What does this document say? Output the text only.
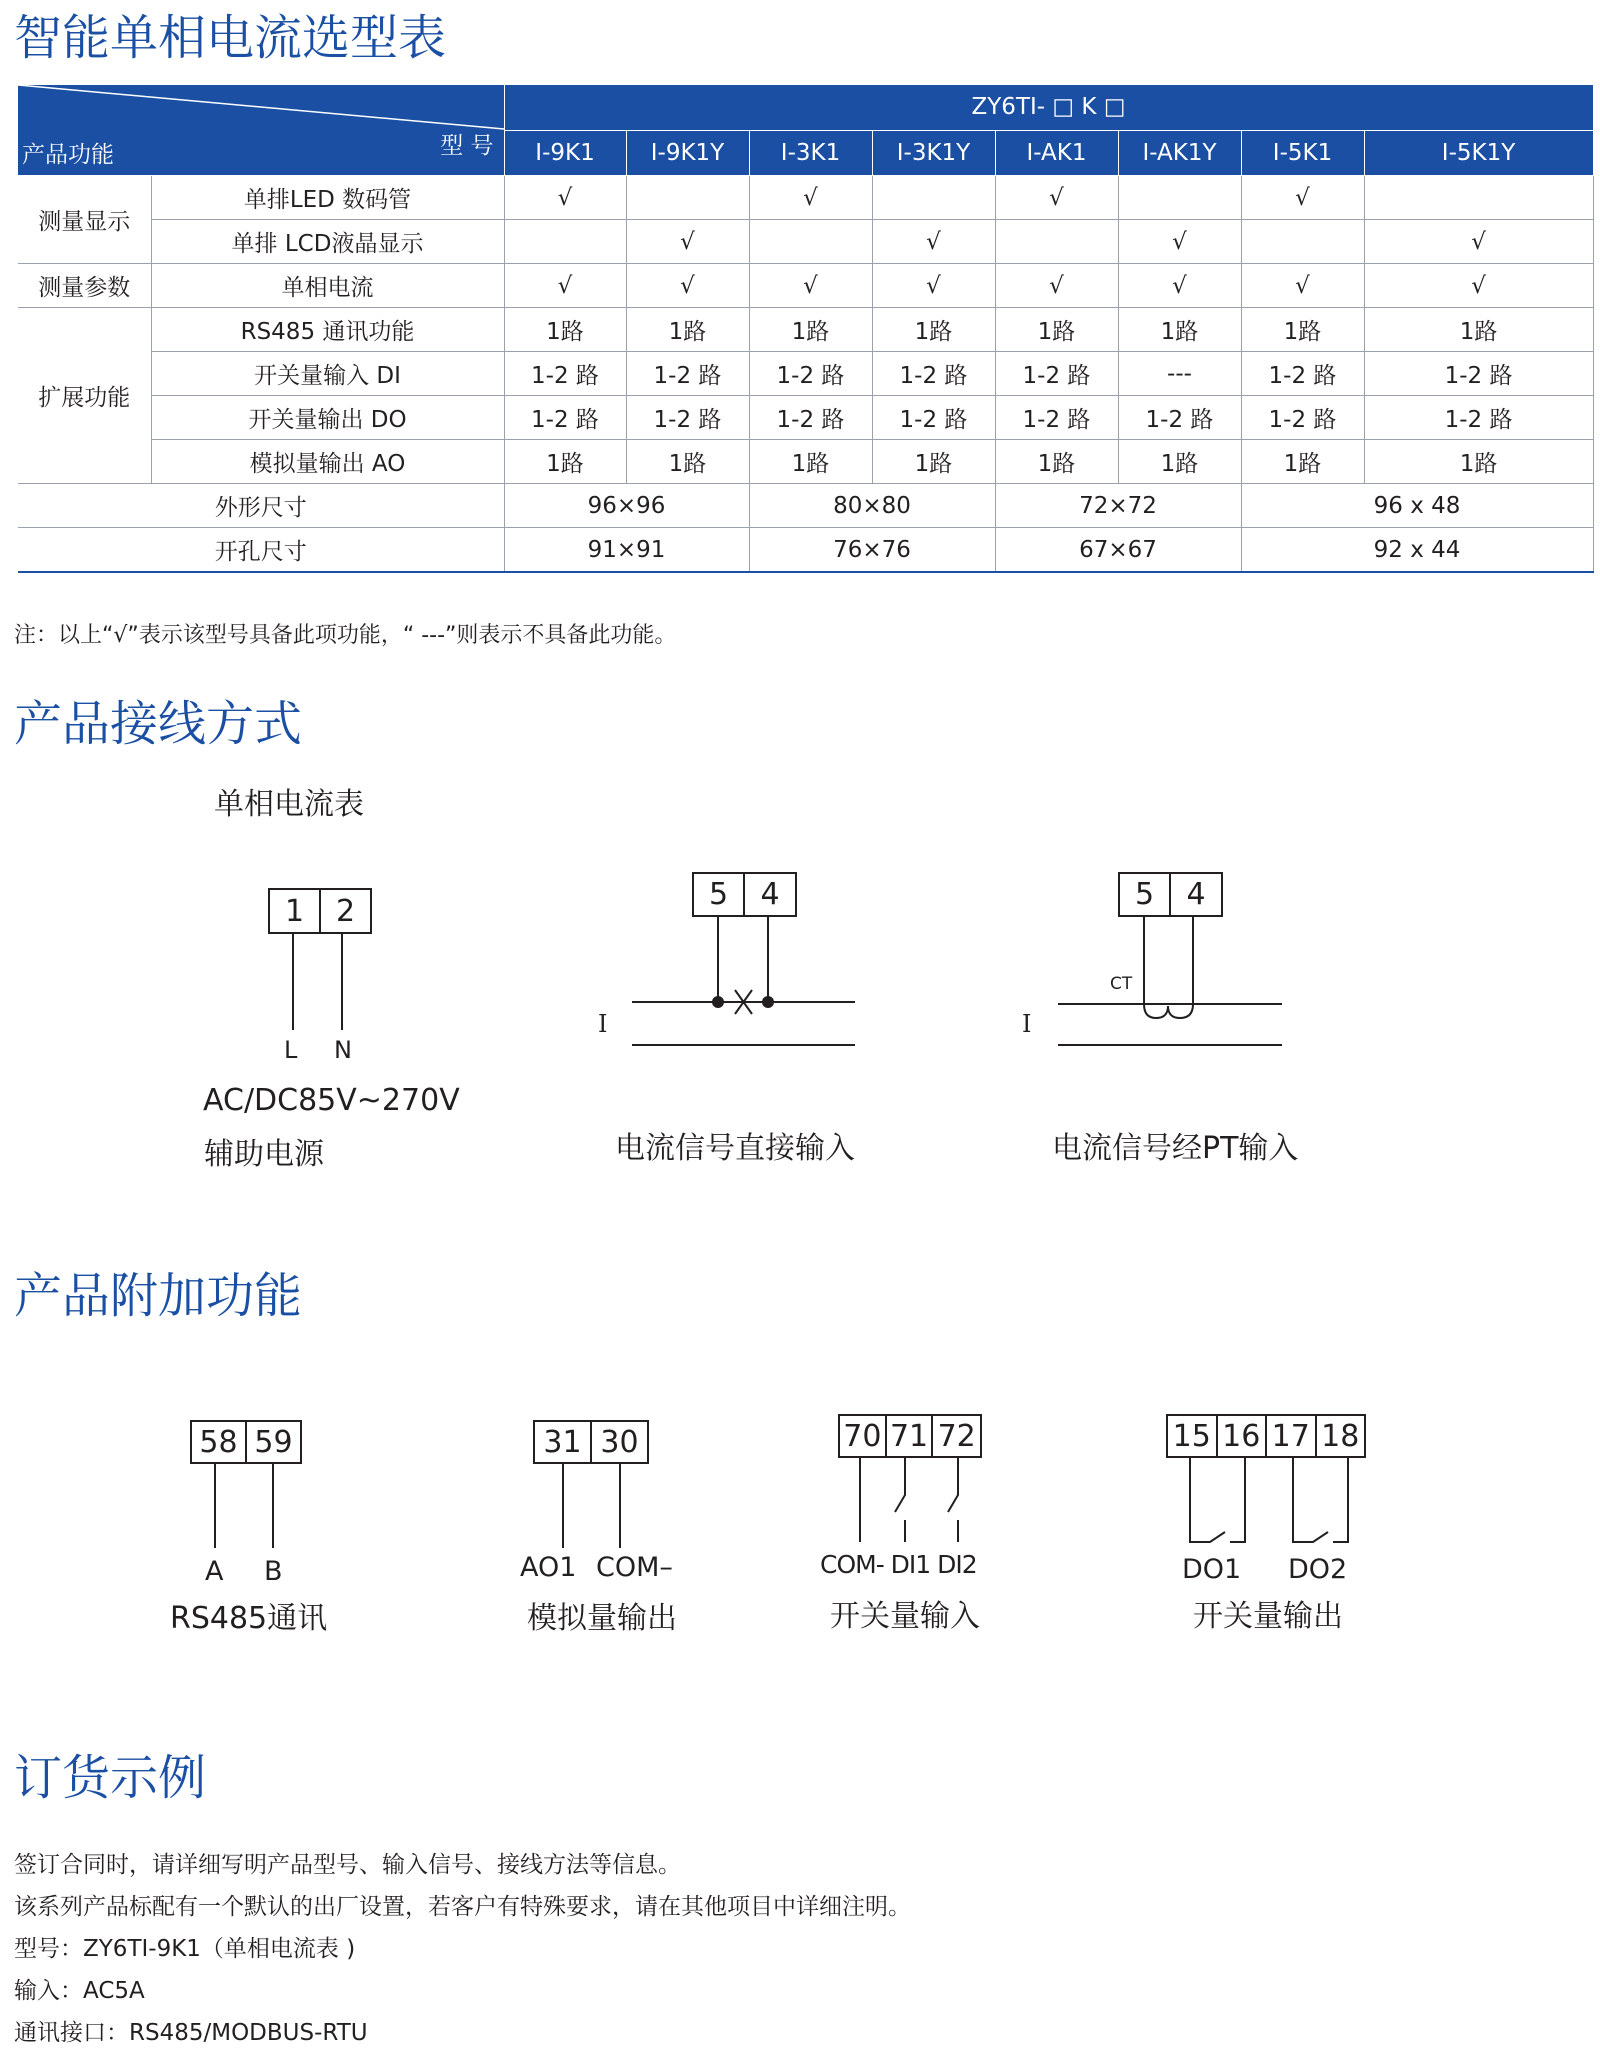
智能单相电流选型表
型 号
产品功能		ZY6TI- □ K □							
		I-9K1	I-9K1Y	I-3K1	I-3K1Y	I-AK1	I-AK1Y	I-5K1	I-5K1Y
测量显示	单排LED 数码管	√		√		√		√	
	单排 LCD液晶显示		√		√		√		√
测量参数	单相电流	√	√	√	√	√	√	√	√
扩展功能	RS485 通讯功能	1路	1路	1路	1路	1路	1路	1路	1路
	开关量输入 DI	1-2 路	1-2 路	1-2 路	1-2 路	1-2 路	---	1-2 路	1-2 路
	开关量输出 DO	1-2 路	1-2 路	1-2 路	1-2 路	1-2 路	1-2 路	1-2 路	1-2 路
	模拟量输出 AO	1路	1路	1路	1路	1路	1路	1路	1路
外形尺寸		96×96		80×80		72×72		96 x 48	
开孔尺寸		91×91		76×76		67×67		92 x 44	
注：以上“√”表示该型号具备此项功能，“ ---”则表示不具备此功能。
产品接线方式
单相电流表
1	2
L N
AC/DC85V~270V
辅助电源
5	4
I
电流信号直接输入
5	4
CT
I
电流信号经PT输入
产品附加功能
58 59
A B
RS485通讯
31 30
AO1 COM–
模拟量输出
70 71 72
COM- DI1 DI2
开关量输入
15 16 17 18
DO1 DO2
开关量输出
订货示例
签订合同时，请详细写明产品型号、输入信号、接线方法等信息。
该系列产品标配有一个默认的出厂设置，若客户有特殊要求，请在其他项目中详细注明。
型号：ZY6TI-9K1（单相电流表 )
输入：AC5A
通讯接口：RS485/MODBUS-RTU
